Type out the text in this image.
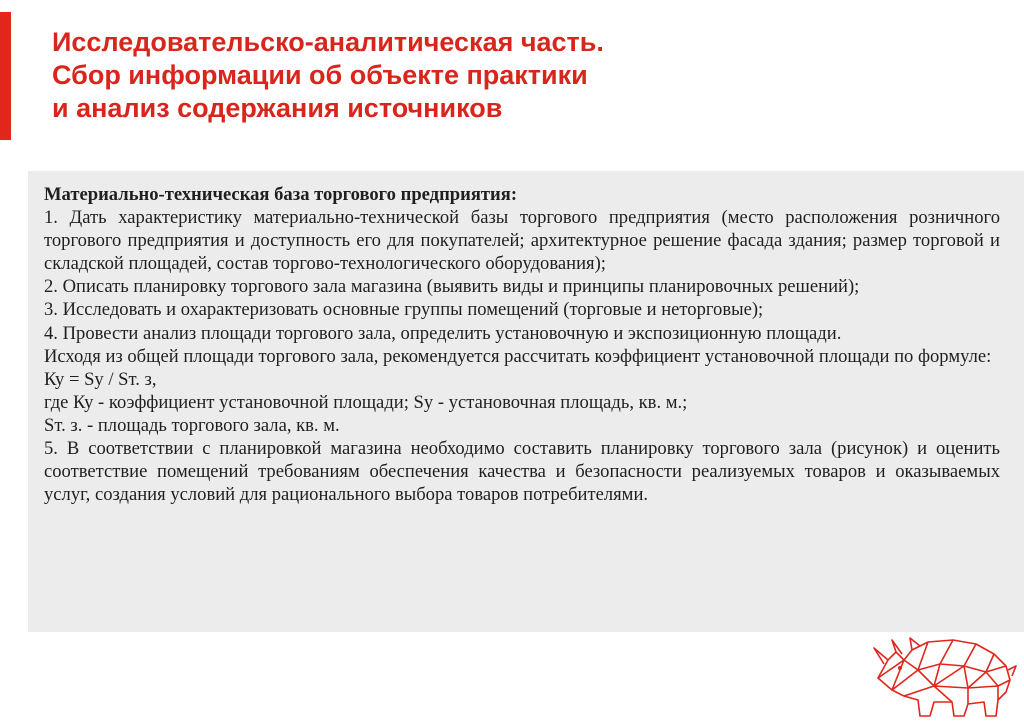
Исследовательско-аналитическая часть.
Сбор информации об объекте практики
и анализ содержания источников

Материально-техническая база торгового предприятия:

1. Дать характеристику материально-технической базы торгового предприятия (место расположения розничного торгового предприятия и доступность его для покупателей; архитектурное решение фасада здания; размер торговой и складской площадей, состав торгово-технологического оборудования);

2. Описать планировку торгового зала магазина (выявить виды и принципы планировочных решений);

3. Исследовать и охарактеризовать основные группы помещений (торговые и неторговые);

4. Провести анализ площади торгового зала, определить установочную и экспозиционную площади.

Исходя из общей площади торгового зала, рекомендуется рассчитать коэффициент установочной площади по формуле:

Ку = Sу / Sт. з,

где Ку - коэффициент установочной площади; Sу - установочная площадь, кв. м.;

Sт. з. - площадь торгового зала, кв. м.

5. В соответствии с планировкой магазина необходимо составить планировку торгового зала (рисунок) и оценить соответствие помещений требованиям обеспечения качества и безопасности реализуемых товаров и оказываемых услуг, создания условий для рационального выбора товаров потребителями.
